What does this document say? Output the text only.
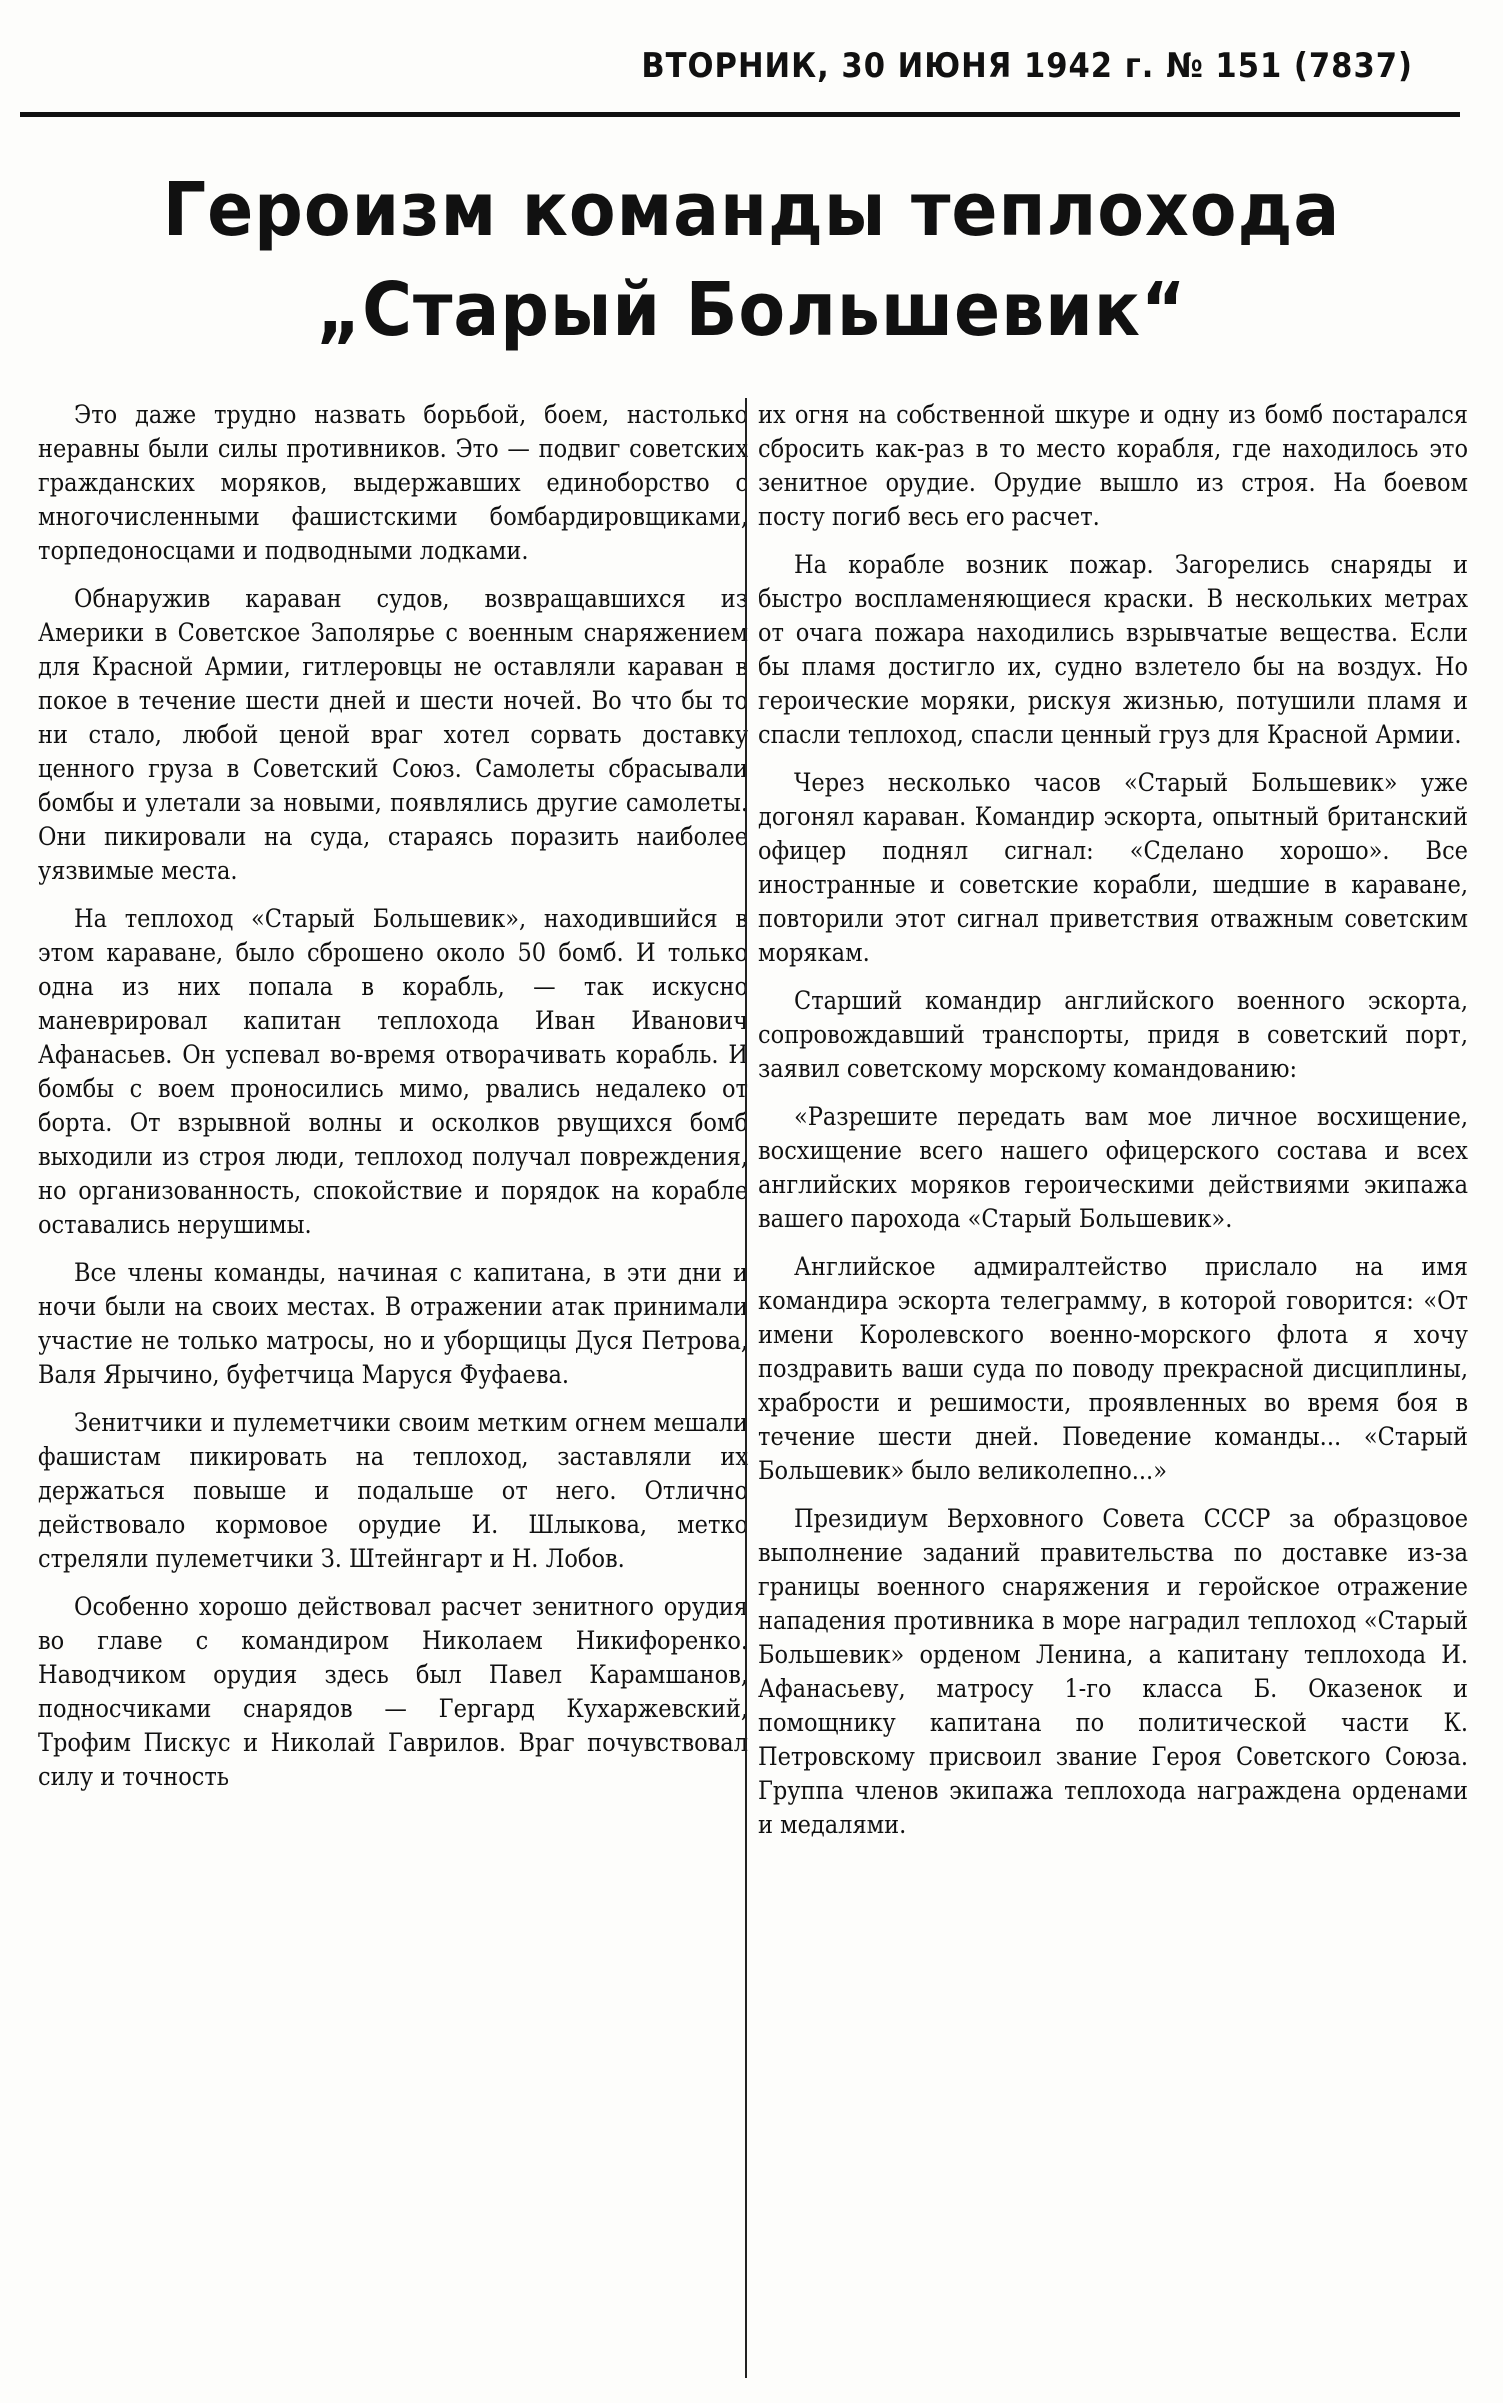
ВТОРНИК, 30 ИЮНЯ 1942 г. № 151 (7837)
Героизм команды теплохода
„Старый Большевик“

Это даже трудно назвать борьбой, боем, настолько неравны были силы противников. Это — подвиг советских гражданских моряков, выдержавших единоборство с многочисленными фашистскими бомбардировщиками, торпедоносцами и подводными лодками.

Обнаружив караван судов, возвращавшихся из Америки в Советское Заполярье с военным снаряжением для Красной Армии, гитлеровцы не оставляли караван в покое в течение шести дней и шести ночей. Во что бы то ни стало, любой ценой враг хотел сорвать доставку ценного груза в Советский Союз. Самолеты сбрасывали бомбы и улетали за новыми, появлялись другие самолеты. Они пикировали на суда, стараясь поразить наиболее уязвимые места.

На теплоход «Старый Большевик», находившийся в этом караване, было сброшено около 50 бомб. И только одна из них попала в корабль, — так искусно маневрировал капитан теплохода Иван Иванович Афанасьев. Он успевал во-время отворачивать корабль. И бомбы с воем проносились мимо, рвались недалеко от борта. От взрывной волны и осколков рвущихся бомб выходили из строя люди, теплоход получал повреждения, но организованность, спокойствие и порядок на корабле оставались нерушимы.

Все члены команды, начиная с капитана, в эти дни и ночи были на своих местах. В отражении атак принимали участие не только матросы, но и уборщицы Дуся Петрова, Валя Ярычино, буфетчица Маруся Фуфаева.

Зенитчики и пулеметчики своим метким огнем мешали фашистам пикировать на теплоход, заставляли их держаться повыше и подальше от него. Отлично действовало кормовое орудие И. Шлыкова, метко стреляли пулеметчики З. Штейнгарт и Н. Лобов.

Особенно хорошо действовал расчет зенитного орудия во главе с командиром Николаем Никифоренко. Наводчиком орудия здесь был Павел Карамшанов, подносчиками снарядов — Гергард Кухаржевский, Трофим Пискус и Николай Гаврилов. Враг почувствовал силу и точность

их огня на собственной шкуре и одну из бомб постарался сбросить как-раз в то место корабля, где находилось это зенитное орудие. Орудие вышло из строя. На боевом посту погиб весь его расчет.

На корабле возник пожар. Загорелись снаряды и быстро воспламеняющиеся краски. В нескольких метрах от очага пожара находились взрывчатые вещества. Если бы пламя достигло их, судно взлетело бы на воздух. Но героические моряки, рискуя жизнью, потушили пламя и спасли теплоход, спасли ценный груз для Красной Армии.

Через несколько часов «Старый Большевик» уже догонял караван. Командир эскорта, опытный британский офицер поднял сигнал: «Сделано хорошо». Все иностранные и советские корабли, шедшие в караване, повторили этот сигнал приветствия отважным советским морякам.

Старший командир английского военного эскорта, сопровождавший транспорты, придя в советский порт, заявил советскому морскому командованию:

«Разрешите передать вам мое личное восхищение, восхищение всего нашего офицерского состава и всех английских моряков героическими действиями экипажа вашего парохода «Старый Большевик».

Английское адмиралтейство прислало на имя командира эскорта телеграмму, в которой говорится: «От имени Королевского военно-морского флота я хочу поздравить ваши суда по поводу прекрасной дисциплины, храбрости и решимости, проявленных во время боя в течение шести дней. Поведение команды... «Старый Большевик» было великолепно...»

Президиум Верховного Совета СССР за образцовое выполнение заданий правительства по доставке из-за границы военного снаряжения и геройское отражение нападения противника в море наградил теплоход «Старый Большевик» орденом Ленина, а капитану теплохода И. Афанасьеву, матросу 1-го класса Б. Оказенок и помощнику капитана по политической части К. Петровскому присвоил звание Героя Советского Союза. Группа членов экипажа теплохода награждена орденами и медалями.
